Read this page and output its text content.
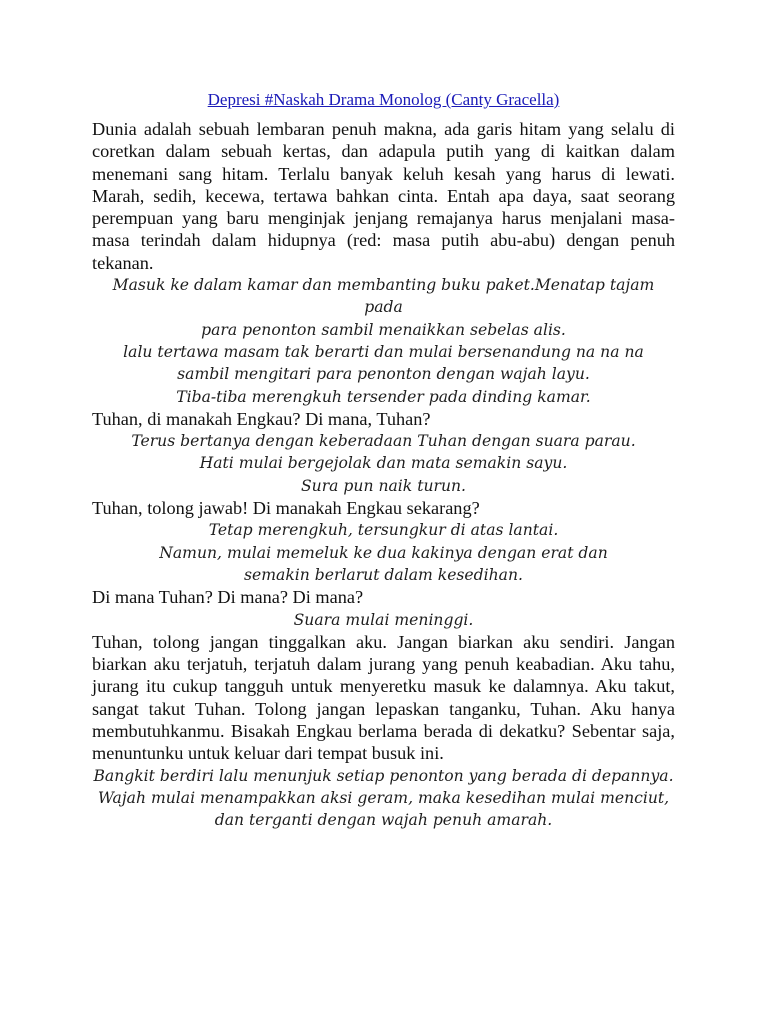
Depresi #Naskah Drama Monolog (Canty Gracella)

Dunia adalah sebuah lembaran penuh makna, ada garis hitam yang selalu di coretkan dalam sebuah kertas, dan adapula putih yang di kaitkan dalam menemani sang hitam. Terlalu banyak keluh kesah yang harus di lewati. Marah, sedih, kecewa, tertawa bahkan cinta. Entah apa daya, saat seorang perempuan yang baru menginjak jenjang remajanya harus menjalani masa-masa terindah dalam hidupnya (red: masa putih abu-abu) dengan penuh tekanan.

Masuk ke dalam kamar dan membanting buku paket.Menatap tajam pada
para penonton sambil menaikkan sebelas alis.
lalu tertawa masam tak berarti dan mulai bersenandung na na na
sambil mengitari para penonton dengan wajah layu.
Tiba-tiba merengkuh tersender pada dinding kamar.

Tuhan, di manakah Engkau? Di mana, Tuhan?

Terus bertanya dengan keberadaan Tuhan dengan suara parau.
Hati mulai bergejolak dan mata semakin sayu.
Sura pun naik turun.

Tuhan, tolong jawab! Di manakah Engkau sekarang?

Tetap merengkuh, tersungkur di atas lantai.
Namun, mulai memeluk ke dua kakinya dengan erat dan
semakin berlarut dalam kesedihan.

Di mana Tuhan? Di mana? Di mana?

Suara mulai meninggi.

Tuhan, tolong jangan tinggalkan aku. Jangan biarkan aku sendiri. Jangan biarkan aku terjatuh, terjatuh dalam jurang yang penuh keabadian. Aku tahu, jurang itu cukup tangguh untuk menyeretku masuk ke dalamnya. Aku takut, sangat takut Tuhan. Tolong jangan lepaskan tanganku, Tuhan. Aku hanya membutuhkanmu. Bisakah Engkau berlama berada di dekatku? Sebentar saja, menuntunku untuk keluar dari tempat busuk ini.

Bangkit berdiri lalu menunjuk setiap penonton yang berada di depannya.
Wajah mulai menampakkan aksi geram, maka kesedihan mulai menciut, dan terganti dengan wajah penuh amarah.
